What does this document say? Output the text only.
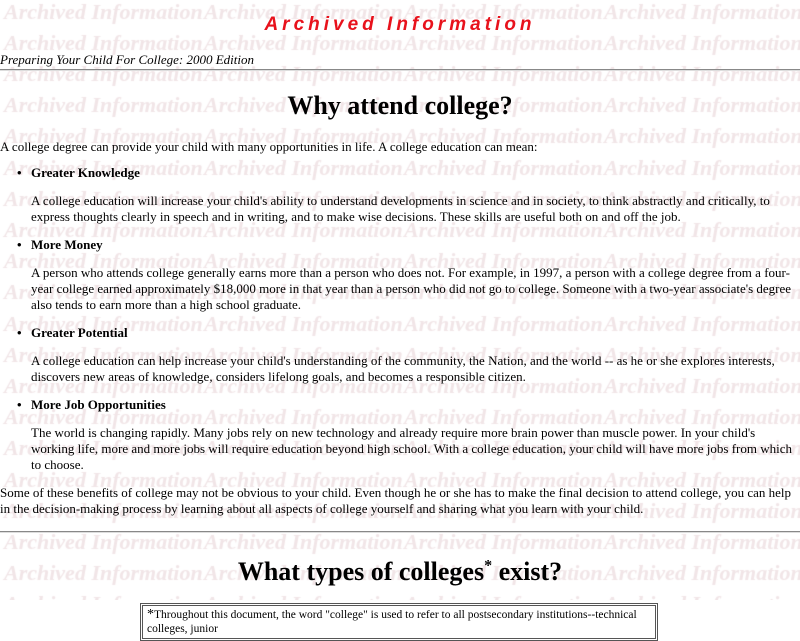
Archived Information
Preparing Your Child For College: 2000 Edition
Why attend college?

A college degree can provide your child with many opportunities in life. A college education can mean:

• Greater Knowledge
A college education will increase your child's ability to understand developments in science and in society, to think abstractly and critically, to express thoughts clearly in speech and in writing, and to make wise decisions. These skills are useful both on and off the job.
• More Money
A person who attends college generally earns more than a person who does not. For example, in 1997, a person with a college degree from a four-year college earned approximately $18,000 more in that year than a person who did not go to college. Someone with a two-year associate's degree also tends to earn more than a high school graduate.
• Greater Potential
A college education can help increase your child's understanding of the community, the Nation, and the world -- as he or she explores interests, discovers new areas of knowledge, considers lifelong goals, and becomes a responsible citizen.
• More Job Opportunities
The world is changing rapidly. Many jobs rely on new technology and already require more brain power than muscle power. In your child's working life, more and more jobs will require education beyond high school. With a college education, your child will have more jobs from which to choose.

Some of these benefits of college may not be obvious to your child. Even though he or she has to make the final decision to attend college, you can help in the decision-making process by learning about all aspects of college yourself and sharing what you learn with your child.

What types of colleges* exist?
*Throughout this document, the word "college" is used to refer to all postsecondary institutions--technical colleges, junior
